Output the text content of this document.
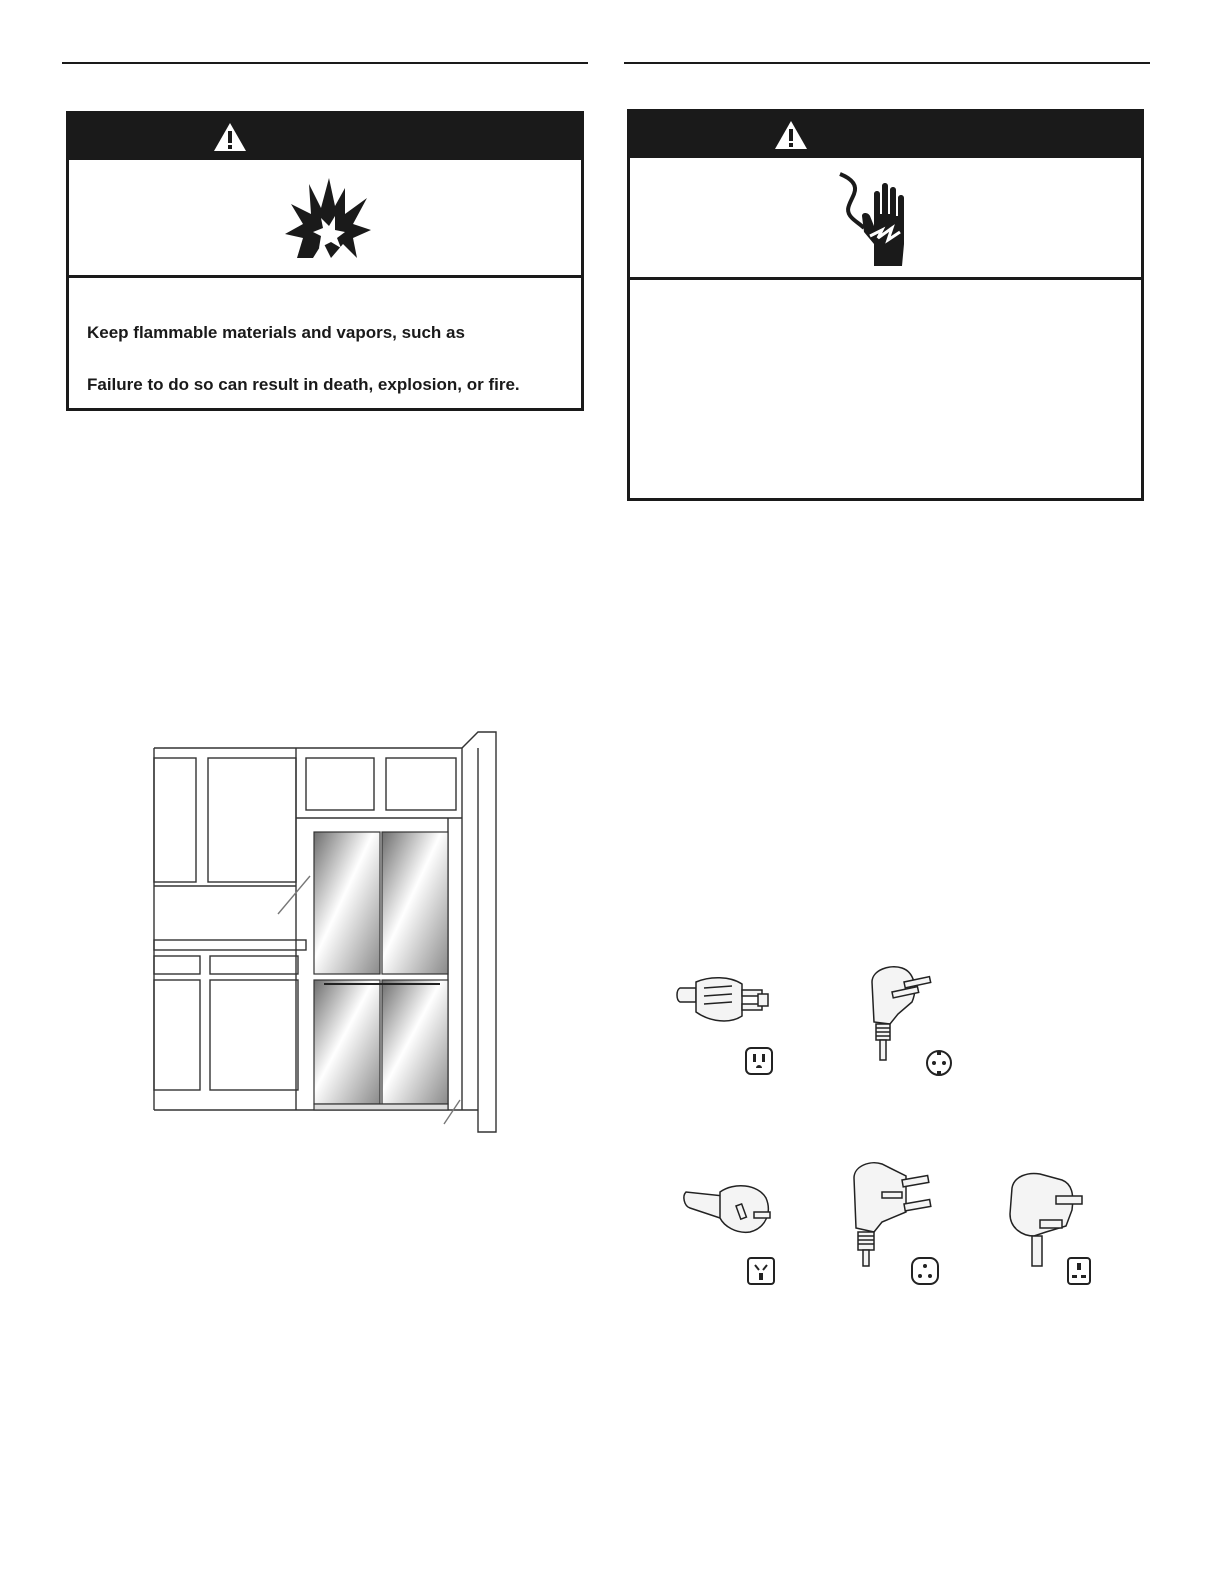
Keep flammable materials and vapors, such as

Failure to do so can result in death, explosion, or fire.
